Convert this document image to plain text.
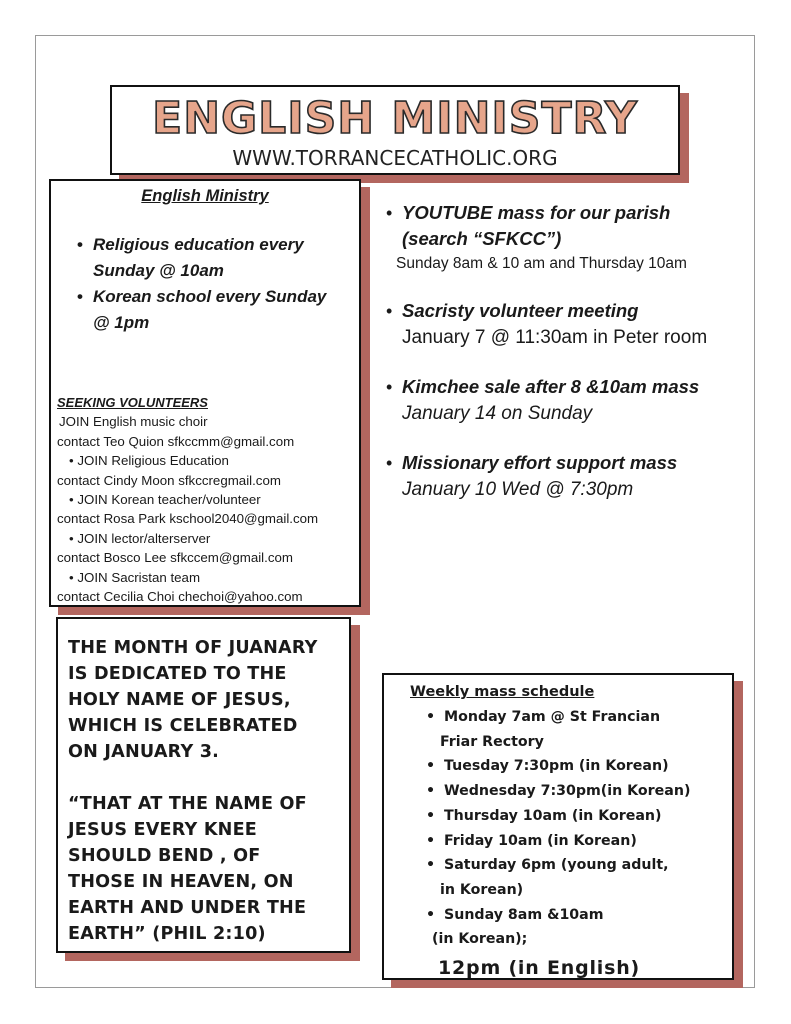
ENGLISH MINISTRY
WWW.TORRANCECATHOLIC.ORG
English Ministry
• Religious education every
Sunday @ 10am
• Korean school every Sunday
@ 1pm
SEEKING VOLUNTEERS
JOIN English music choir
contact Teo Quion sfkccmm@gmail.com
• JOIN Religious Education
contact Cindy Moon sfkccregmail.com
• JOIN Korean teacher/volunteer
contact Rosa Park kschool2040@gmail.com
• JOIN lector/alterserver
contact Bosco Lee sfkccem@gmail.com
• JOIN Sacristan team
contact Cecilia Choi chechoi@yahoo.com
• YOUTUBE mass for our parish
(search “SFKCC”)
Sunday 8am & 10 am and Thursday 10am
• Sacristy volunteer meeting
January 7 @ 11:30am in Peter room
• Kimchee sale after 8 &10am mass
January 14 on Sunday
• Missionary effort support mass
January 10 Wed @ 7:30pm

THE MONTH OF JUANARY
IS DEDICATED TO THE
HOLY NAME OF JESUS,
WHICH IS CELEBRATED
ON JANUARY 3.

“THAT AT THE NAME OF
JESUS EVERY KNEE
SHOULD BEND , OF
THOSE IN HEAVEN, ON
EARTH AND UNDER THE
EARTH” (PHIL 2:10)

Weekly mass schedule
• Monday 7am @ St Francian
Friar Rectory
• Tuesday 7:30pm (in Korean)
• Wednesday 7:30pm(in Korean)
• Thursday 10am (in Korean)
• Friday 10am (in Korean)
• Saturday 6pm (young adult,
in Korean)
• Sunday 8am &10am
(in Korean);
12pm (in English)
